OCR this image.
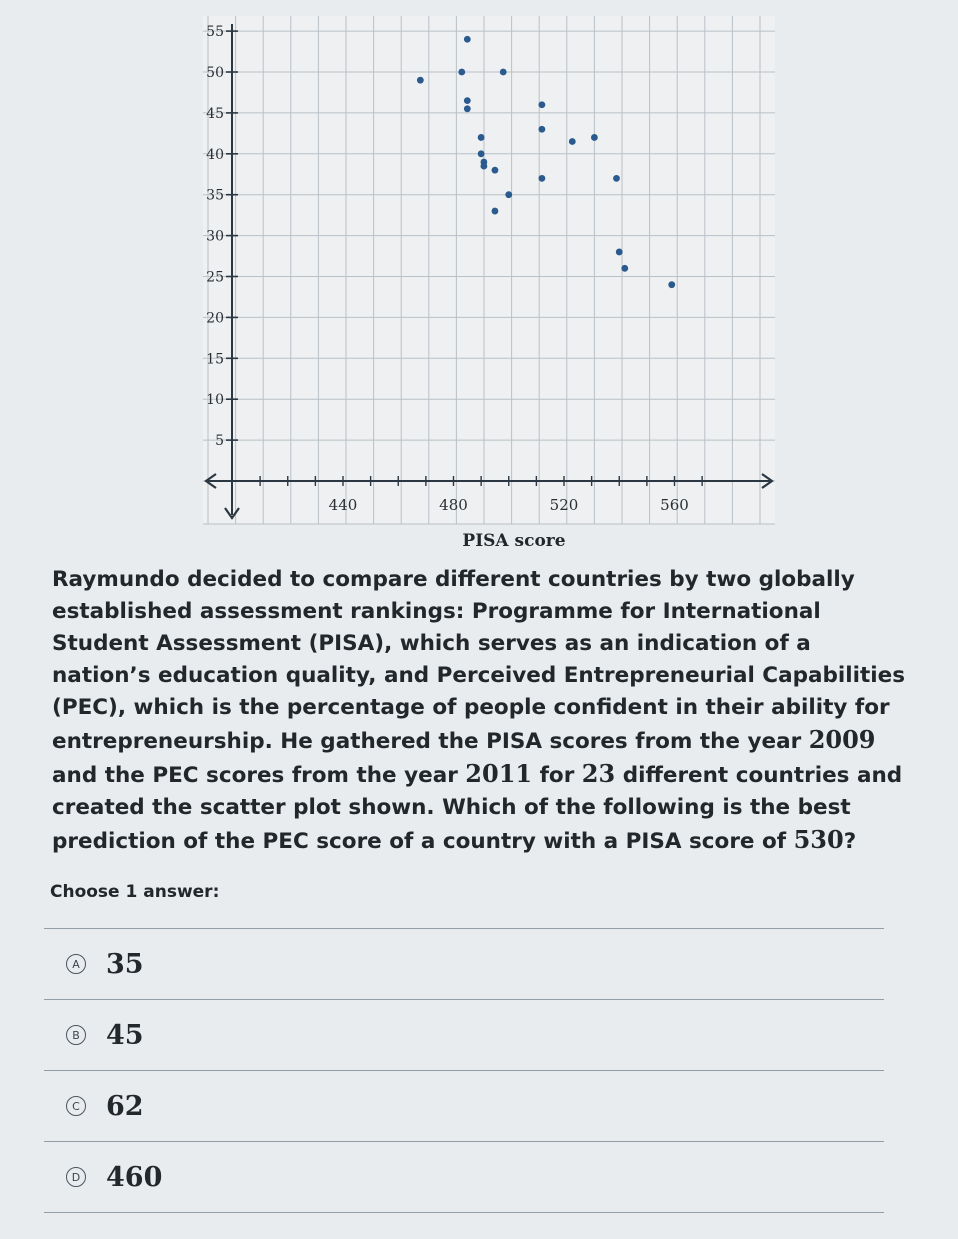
5
10
15
20
25
30
35
40
45
50
55
440	480	520	560
PISA score

Raymundo decided to compare different countries by two globally established assessment rankings: Programme for International Student Assessment (PISA), which serves as an indication of a nation’s education quality, and Perceived Entrepreneurial Capabilities (PEC), which is the percentage of people confident in their ability for entrepreneurship. He gathered the PISA scores from the year 2009 and the PEC scores from the year 2011 for 23 different countries and created the scatter plot shown. Which of the following is the best prediction of the PEC score of a country with a PISA score of 530?

Choose 1 answer:
A 35
B 45
C 62
D 460
